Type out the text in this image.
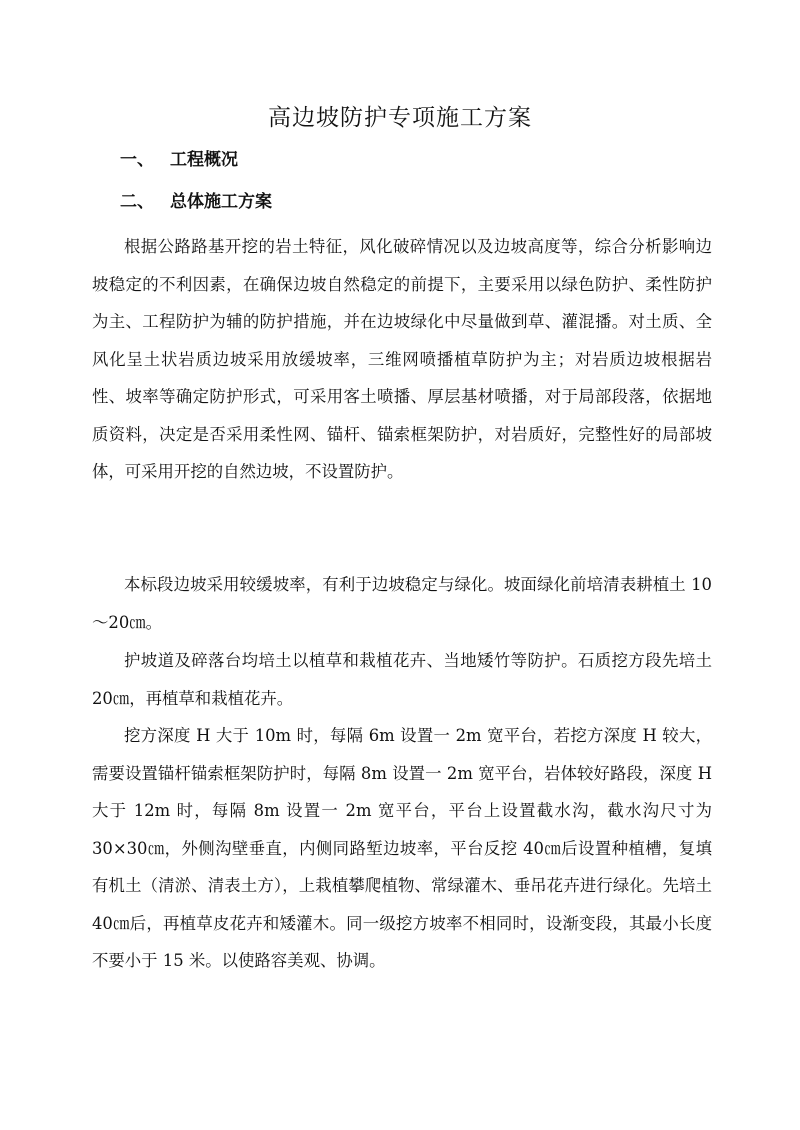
高边坡防护专项施工方案
一、 工程概况
二、 总体施工方案

根据公路路基开挖的岩土特征，风化破碎情况以及边坡高度等，综合分析影响边坡稳定的不利因素，在确保边坡自然稳定的前提下，主要采用以绿色防护、柔性防护为主、工程防护为辅的防护措施，并在边坡绿化中尽量做到草、灌混播。对土质、全风化呈土状岩质边坡采用放缓坡率，三维网喷播植草防护为主；对岩质边坡根据岩性、坡率等确定防护形式，可采用客土喷播、厚层基材喷播，对于局部段落，依据地质资料，决定是否采用柔性网、锚杆、锚索框架防护，对岩质好，完整性好的局部坡体，可采用开挖的自然边坡，不设置防护。

本标段边坡采用较缓坡率，有利于边坡稳定与绿化。坡面绿化前培清表耕植土 10～20㎝。

护坡道及碎落台均培土以植草和栽植花卉、当地矮竹等防护。石质挖方段先培土 20㎝，再植草和栽植花卉。

挖方深度 H 大于 10m 时，每隔 6m 设置一 2m 宽平台，若挖方深度 H 较大，需要设置锚杆锚索框架防护时，每隔 8m 设置一 2m 宽平台，岩体较好路段，深度 H 大于 12m 时，每隔 8m 设置一 2m 宽平台，平台上设置截水沟，截水沟尺寸为 30×30㎝，外侧沟壁垂直，内侧同路堑边坡率，平台反挖 40㎝后设置种植槽，复填有机土（清淤、清表土方），上栽植攀爬植物、常绿灌木、垂吊花卉进行绿化。先培土 40㎝后，再植草皮花卉和矮灌木。同一级挖方坡率不相同时，设渐变段，其最小长度不要小于 15 米。以使路容美观、协调。
